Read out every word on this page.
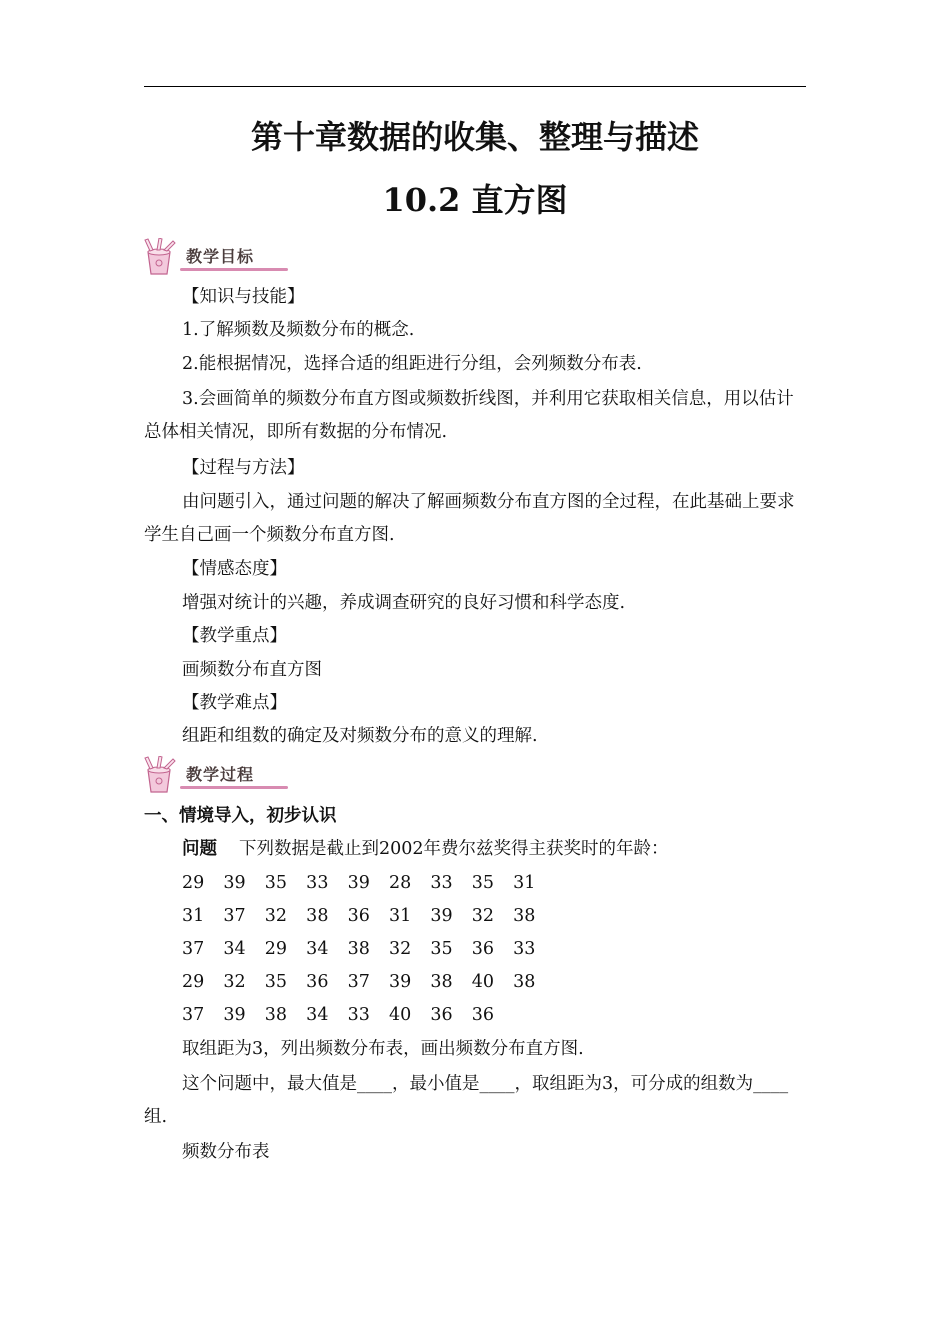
第十章数据的收集、整理与描述
10.2 直方图
教学目标
【知识与技能】
1.了解频数及频数分布的概念.
2.能根据情况，选择合适的组距进行分组，会列频数分布表.
3.会画简单的频数分布直方图或频数折线图，并利用它获取相关信息，用以估计总体相关情况，即所有数据的分布情况.
【过程与方法】
由问题引入，通过问题的解决了解画频数分布直方图的全过程，在此基础上要求学生自己画一个频数分布直方图.
【情感态度】
增强对统计的兴趣，养成调查研究的良好习惯和科学态度.
【教学重点】
画频数分布直方图
【教学难点】
组距和组数的确定及对频数分布的意义的理解.
教学过程
一、情境导入，初步认识
问题 下列数据是截止到2002年费尔兹奖得主获奖时的年龄：
29  39  35  33  39  28  33  35  31
31  37  32  38  36  31  39  32  38
37  34  29  34  38  32  35  36  33
29  32  35  36  37  39  38  40  38
37  39  38  34  33  40  36  36
取组距为3，列出频数分布表，画出频数分布直方图.
这个问题中，最大值是____，最小值是____，取组距为3，可分成的组数为____组.
频数分布表
